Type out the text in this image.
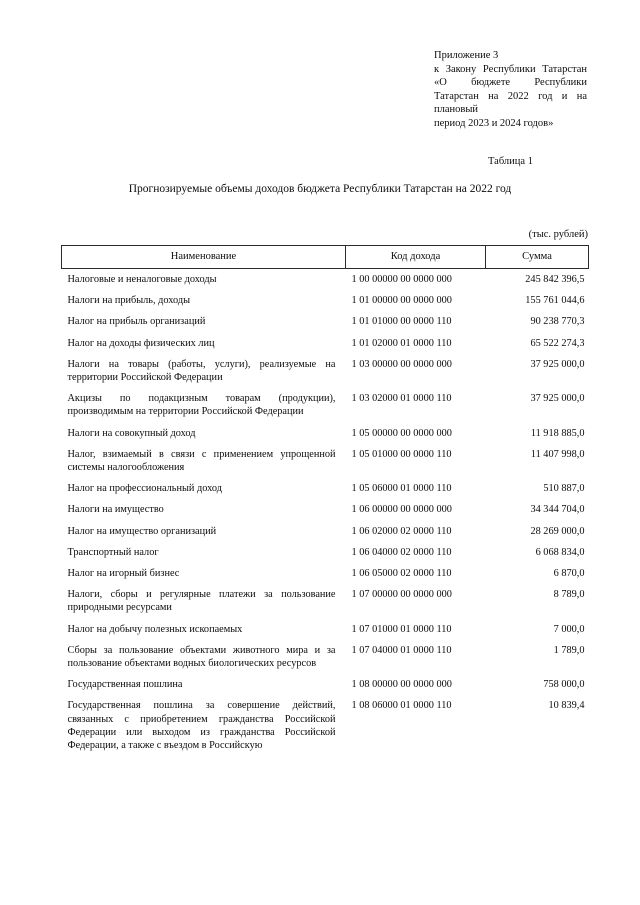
Приложение 3
к Закону Республики Татарстан «О бюджете Республики Татарстан на 2022 год и на плановый
период 2023 и 2024 годов»
Таблица 1
Прогнозируемые объемы доходов бюджета Республики Татарстан на 2022 год
(тыс. рублей)
Наименование	Код дохода	Сумма
Налоговые и неналоговые доходы	1 00 00000 00 0000 000	245 842 396,5
Налоги на прибыль, доходы	1 01 00000 00 0000 000	155 761 044,6
Налог на прибыль организаций	1 01 01000 00 0000 110	90 238 770,3
Налог на доходы физических лиц	1 01 02000 01 0000 110	65 522 274,3
Налоги на товары (работы, услуги), реализуемые на территории Российской Федерации	1 03 00000 00 0000 000	37 925 000,0
Акцизы по подакцизным товарам (продукции), производимым на территории Российской Федерации	1 03 02000 01 0000 110	37 925 000,0
Налоги на совокупный доход	1 05 00000 00 0000 000	11 918 885,0
Налог, взимаемый в связи с применением упрощенной системы налогообложения	1 05 01000 00 0000 110	11 407 998,0
Налог на профессиональный доход	1 05 06000 01 0000 110	510 887,0
Налоги на имущество	1 06 00000 00 0000 000	34 344 704,0
Налог на имущество организаций	1 06 02000 02 0000 110	28 269 000,0
Транспортный налог	1 06 04000 02 0000 110	6 068 834,0
Налог на игорный бизнес	1 06 05000 02 0000 110	6 870,0
Налоги, сборы и регулярные платежи за пользование природными ресурсами	1 07 00000 00 0000 000	8 789,0
Налог на добычу полезных ископаемых	1 07 01000 01 0000 110	7 000,0
Сборы за пользование объектами животного мира и за пользование объектами водных биологических ресурсов	1 07 04000 01 0000 110	1 789,0
Государственная пошлина	1 08 00000 00 0000 000	758 000,0
Государственная пошлина за совершение действий, связанных с приобретением гражданства Российской Федерации или выходом из гражданства Российской Федерации, а также с въездом в Российскую	1 08 06000 01 0000 110	10 839,4
